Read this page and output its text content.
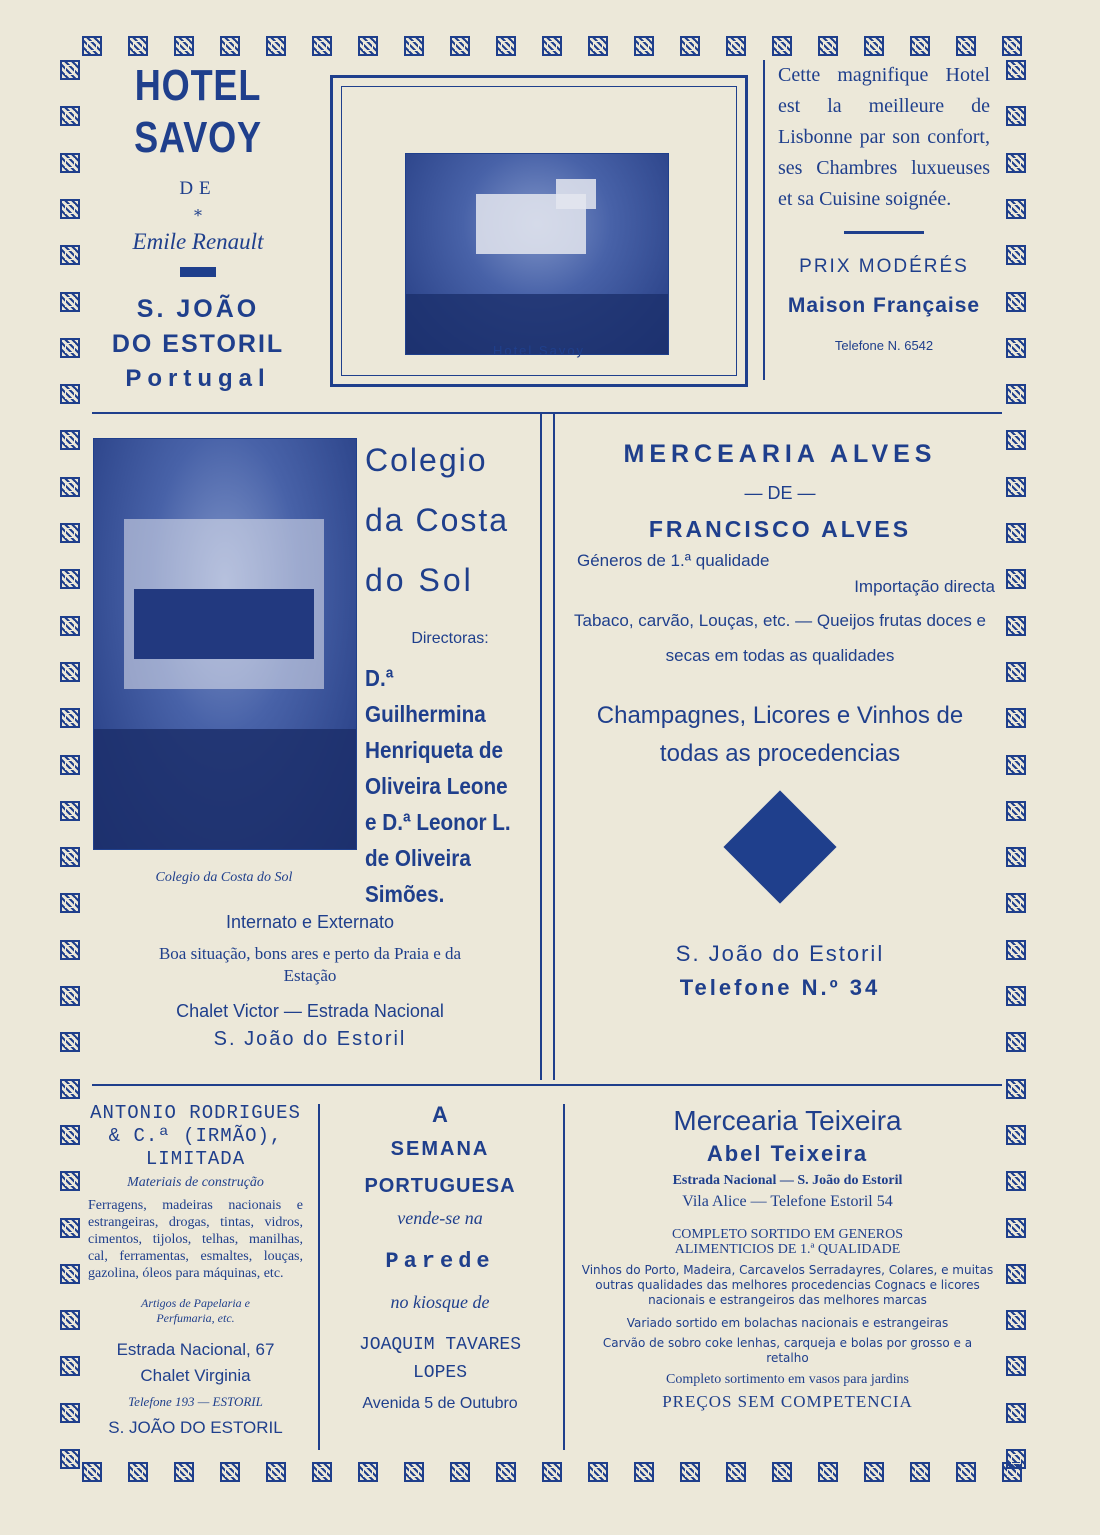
HOTEL SAVOY
DE
*
Emile Renault
S. JOÃO
DO ESTORIL
Portugal
Hotel Savoy
Cette magnifique Hotel est la meilleure de Lisbonne par son confort, ses Chambres luxueuses et sa Cuisine soignée.
PRIX MODÉRÉS
Maison Française
Telefone N. 6542
Colegio da Costa do Sol
Colegio
da Costa
do Sol
Directoras:
D.ª Guilhermina Henriqueta de Oliveira Leone e D.ª Leonor L. de Oliveira Simões.
Internato e Externato
Boa situação, bons ares e perto da Praia e da Estação
Chalet Victor — Estrada Nacional
S. João do Estoril
MERCEARIA ALVES
— DE —
FRANCISCO ALVES
Géneros de 1.ª qualidade
Importação directa
Tabaco, carvão, Louças, etc. — Queijos frutas doces e secas em todas as qualidades
Champagnes, Licores e Vinhos de todas as procedencias
S. João do Estoril
Telefone N.º 34
ANTONIO RODRIGUES & C.ª (IRMÃO), LIMITADA
Materiais de construção
Ferragens, madeiras nacionais e estrangeiras, drogas, tintas, vidros, cimentos, tijolos, telhas, manilhas, cal, ferramentas, esmaltes, louças, gazolina, óleos para máquinas, etc.
Artigos de Papelaria e Perfumaria, etc.
Estrada Nacional, 67
Chalet Virginia
Telefone 193 — ESTORIL
S. JOÃO DO ESTORIL
A
SEMANA
PORTUGUESA
vende-se na
Parede
no kiosque de
JOAQUIM TAVARES LOPES
Avenida 5 de Outubro
Mercearia Teixeira
Abel Teixeira
Estrada Nacional — S. João do Estoril
Vila Alice — Telefone Estoril 54
COMPLETO SORTIDO EM GENEROS ALIMENTICIOS DE 1.ª QUALIDADE
Vinhos do Porto, Madeira, Carcavelos Serradayres, Colares, e muitas outras qualidades das melhores procedencias Cognacs e licores nacionais e estrangeiros das melhores marcas
Variado sortido em bolachas nacionais e estrangeiras
Carvão de sobro coke lenhas, carqueja e bolas por grosso e a retalho
Completo sortimento em vasos para jardins
PREÇOS SEM COMPETENCIA
